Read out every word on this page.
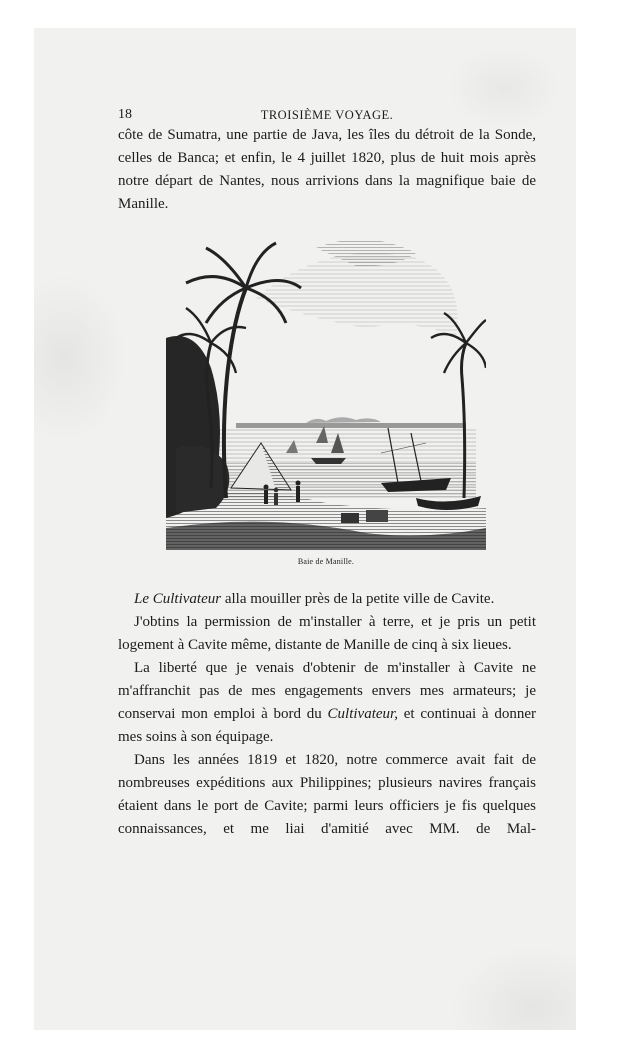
18	TROISIÈME VOYAGE.

côte de Sumatra, une partie de Java, les îles du détroit de la Sonde, celles de Banca; et enfin, le 4 juillet 1820, plus de huit mois après notre départ de Nantes, nous arrivions dans la magnifique baie de Manille.

Baie de Manille.

Le Cultivateur alla mouiller près de la petite ville de Cavite.

J'obtins la permission de m'installer à terre, et je pris un petit logement à Cavite même, distante de Manille de cinq à six lieues.

La liberté que je venais d'obtenir de m'installer à Cavite ne m'affranchit pas de mes engagements envers mes armateurs; je conservai mon emploi à bord du Cultivateur, et continuai à donner mes soins à son équipage.

Dans les années 1819 et 1820, notre commerce avait fait de nombreuses expéditions aux Philippines; plusieurs navires français étaient dans le port de Cavite; parmi leurs officiers je fis quelques connaissances, et me liai d'amitié avec MM. de Mal-
